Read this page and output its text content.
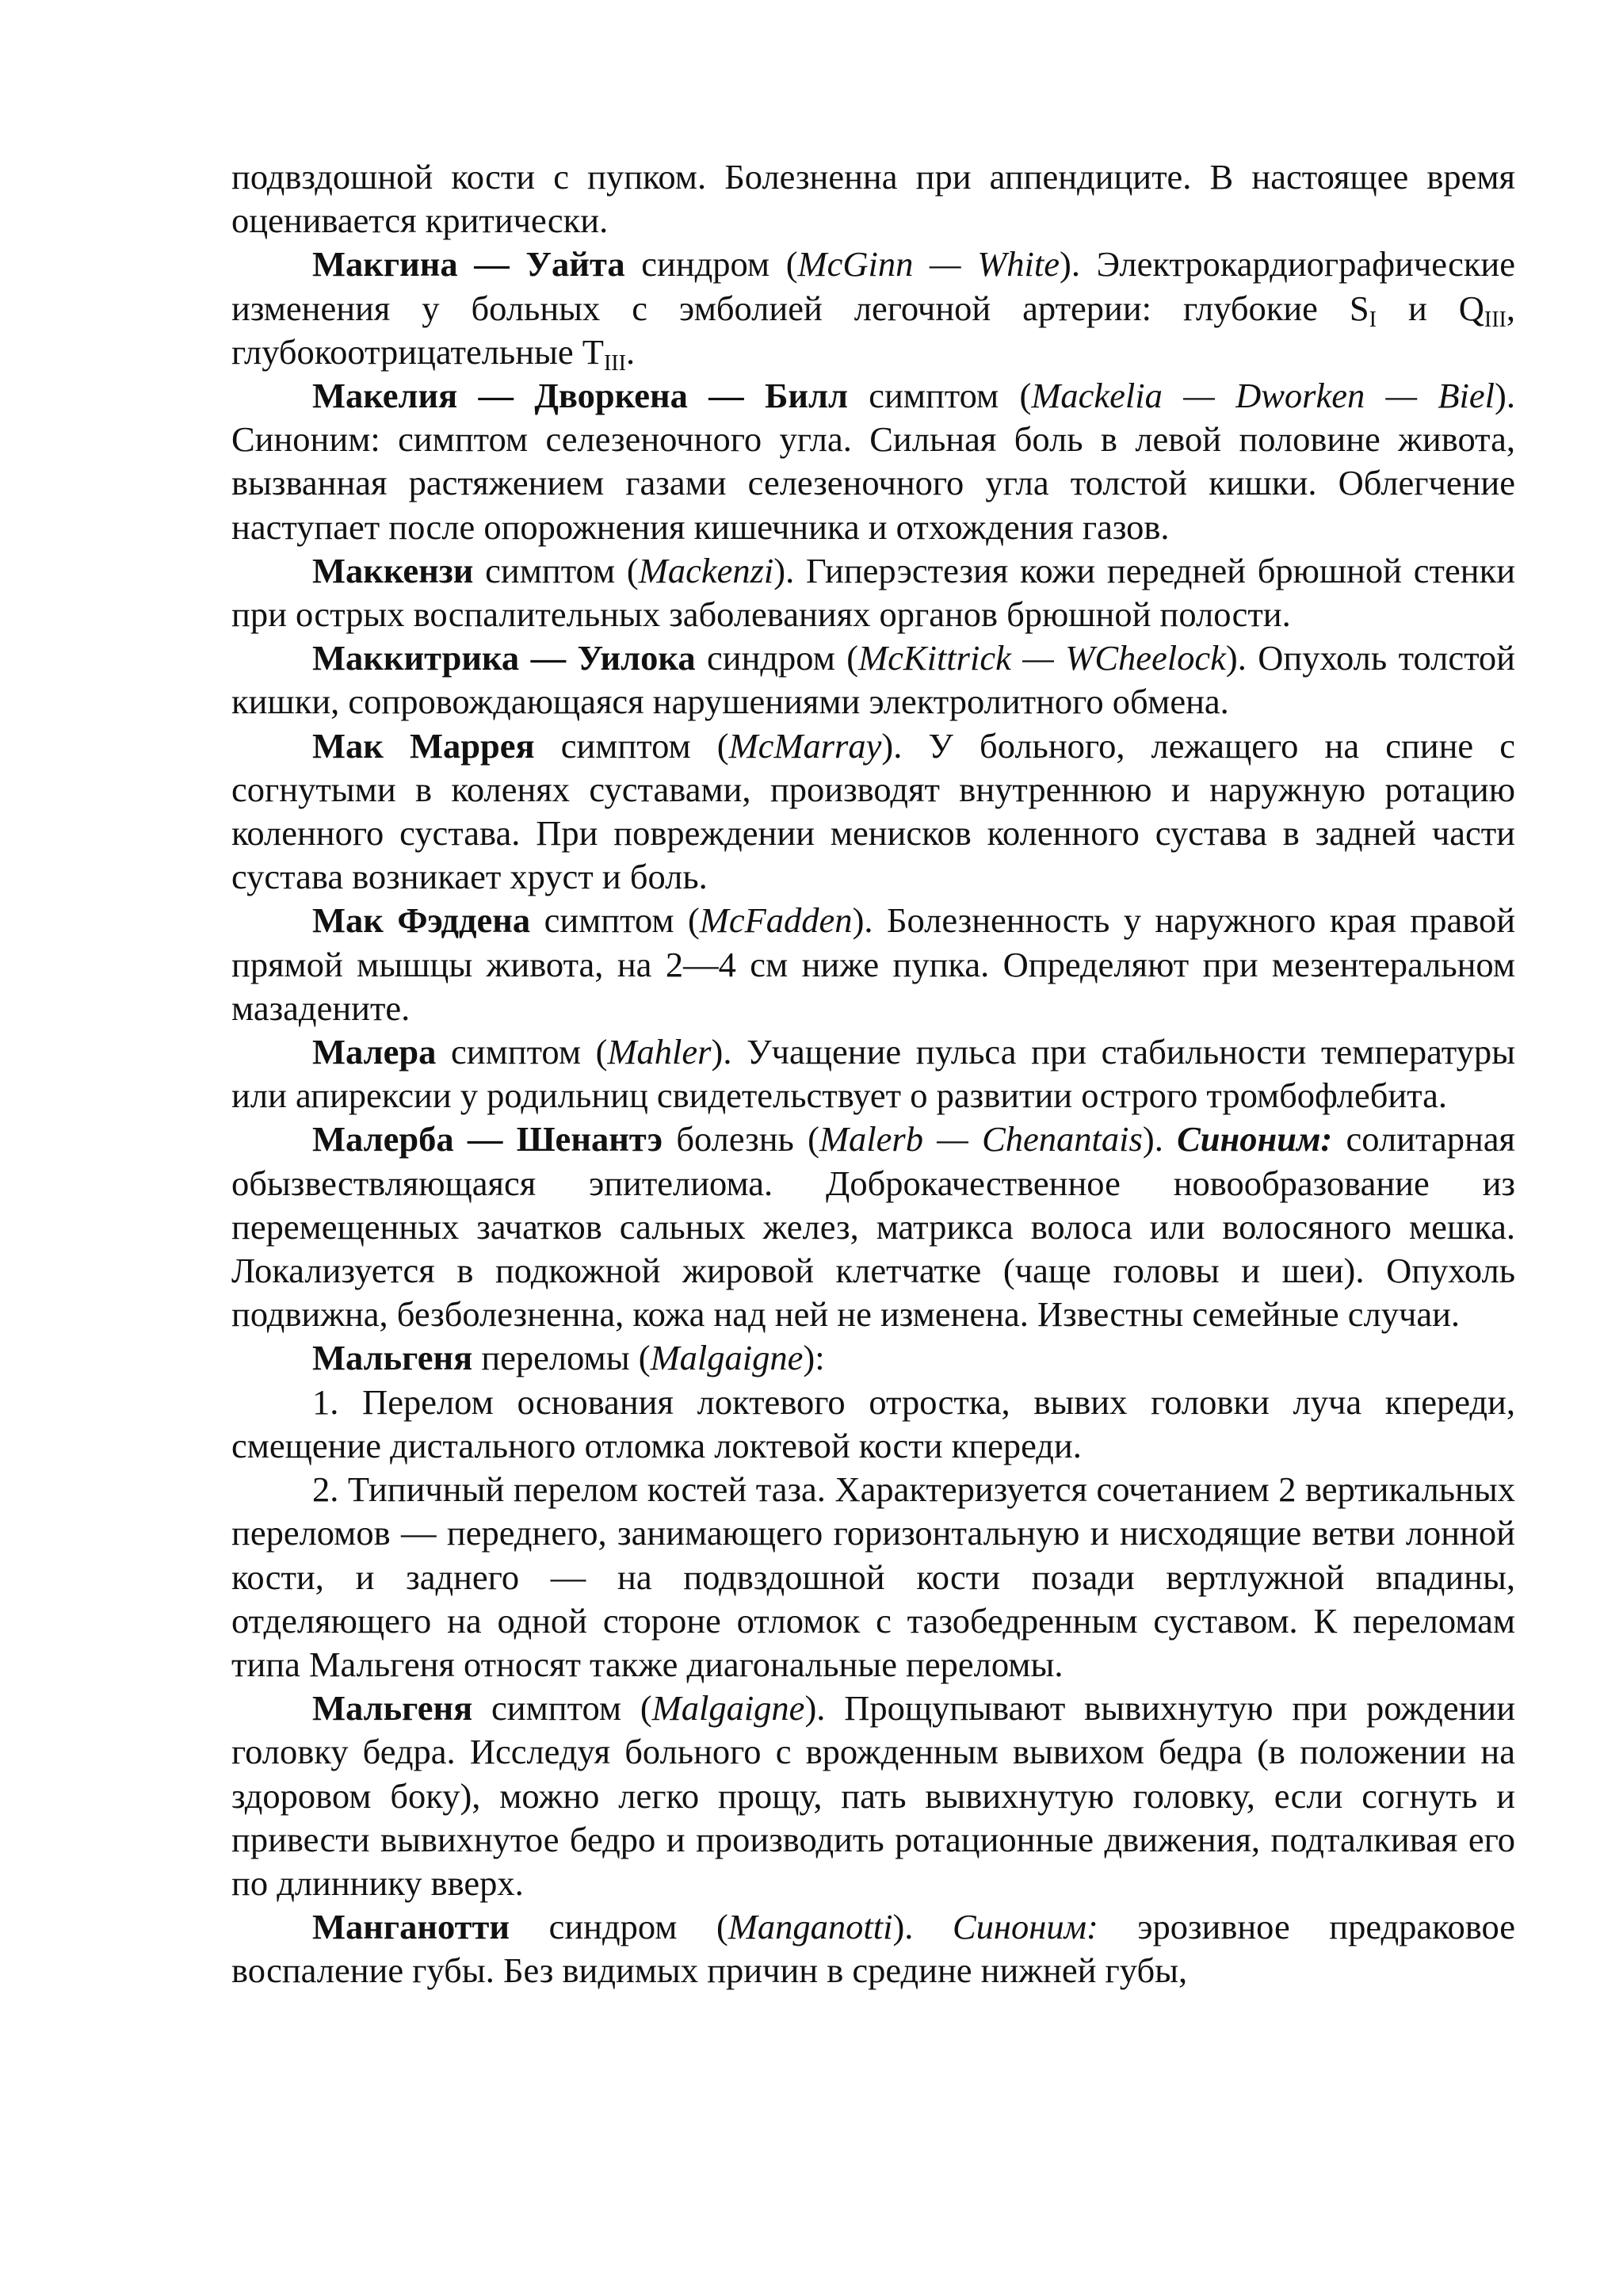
подвздошной кости с пупком. Болезненна при аппендиците. В настоящее время оценивается критически.

Макгина — Уайта синдром (McGinn — White). Электрокардиографические изменения у больных с эмболией легочной артерии: глубокие $S_I$ и $Q_{III}$, глубокоотрицательные $T_{III}$.

Макелия — Дворкена — Билл симптом (Mackelia — Dworken — Biel). Синоним: симптом селезеночного угла. Сильная боль в левой половине живота, вызванная растяжением газами селезеночного угла толстой кишки. Облегчение наступает после опорожнения кишечника и отхождения газов.

Маккензи симптом (Mackenzi). Гиперэстезия кожи передней брюшной стенки при острых воспалительных заболеваниях органов брюшной полости.

Маккитрика — Уилока синдром (McKittrick — WCheelock). Опухоль толстой кишки, сопровождающаяся нарушениями электролитного обмена.

Мак Маррея симптом (McMarray). У больного, лежащего на спине с согнутыми в коленях суставами, производят внутреннюю и наружную ротацию коленного сустава. При повреждении менисков коленного сустава в задней части сустава возникает хруст и боль.

Мак Фэддена симптом (McFadden). Болезненность у наружного края правой прямой мышцы живота, на 2—4 см ниже пупка. Определяют при мезентеральном мазадените.

Малера симптом (Mahler). Учащение пульса при стабильности температуры или апирексии у родильниц свидетельствует о развитии острого тромбофлебита.

Малерба — Шенантэ болезнь (Malerb — Chenantais). Синоним: солитарная обызвествляющаяся эпителиома. Доброкачественное новообразование из перемещенных зачатков сальных желез, матрикса волоса или волосяного мешка. Локализуется в подкожной жировой клетчатке (чаще головы и шеи). Опухоль подвижна, безболезненна, кожа над ней не изменена. Известны семейные случаи.

Мальгеня переломы (Malgaigne):

1. Перелом основания локтевого отростка, вывих головки луча кпереди, смещение дистального отломка локтевой кости кпереди.

2. Типичный перелом костей таза. Характеризуется сочетанием 2 вертикальных переломов — переднего, занимающего горизонтальную и нисходящие ветви лонной кости, и заднего — на подвздошной кости позади вертлужной впадины, отделяющего на одной стороне отломок с тазобедренным суставом. К переломам типа Мальгеня относят также диагональные переломы.

Мальгеня симптом (Malgaigne). Прощупывают вывихнутую при рождении головку бедра. Исследуя больного с врожденным вывихом бедра (в положении на здоровом боку), можно легко прощу, пать вывихнутую головку, если согнуть и привести вывихнутое бедро и производить ротационные движения, подталкивая его по длиннику вверх.

Манганотти синдром (Manganotti). Синоним: эрозивное предраковое воспаление губы. Без видимых причин в средине нижней губы,
